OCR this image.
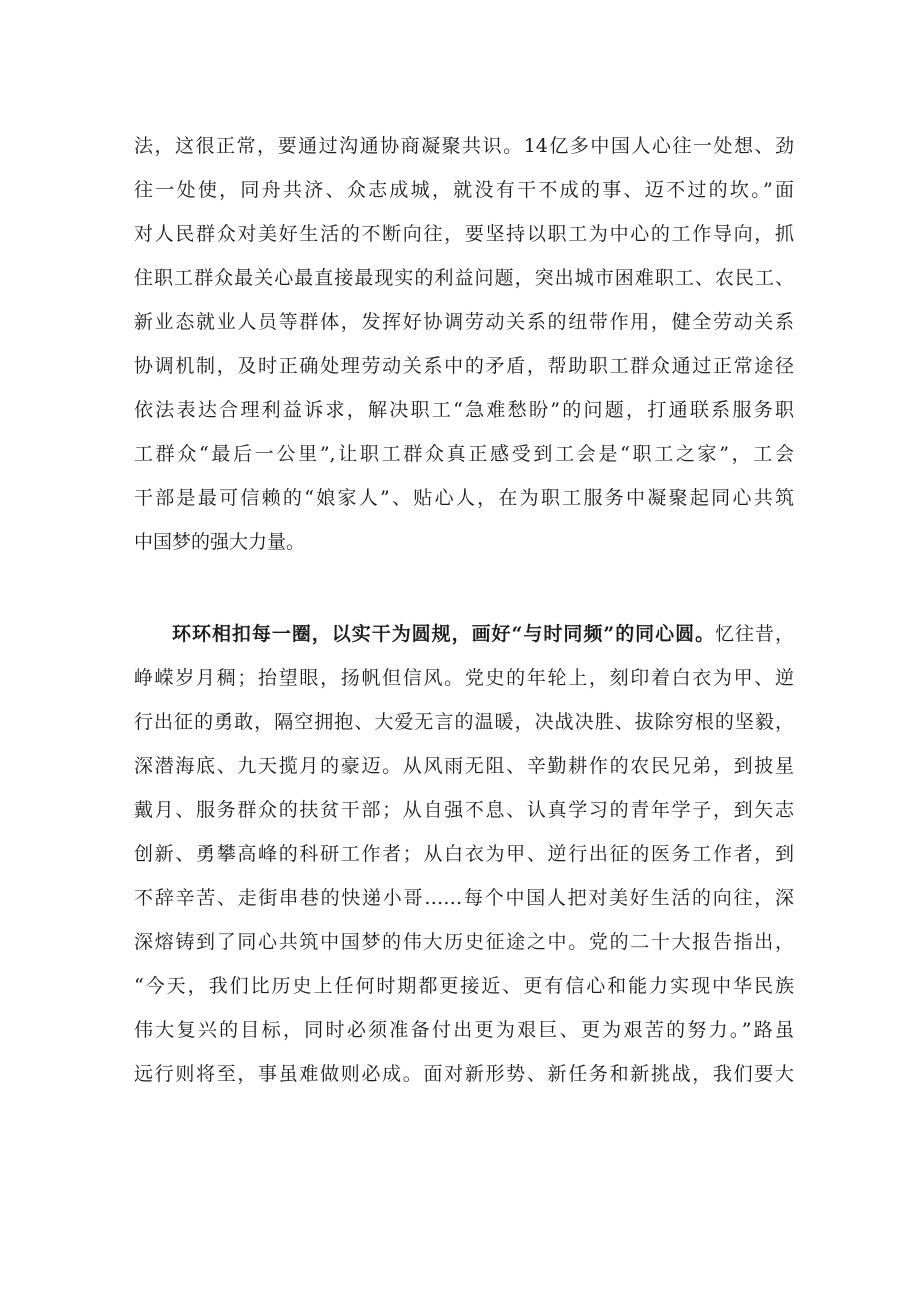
法，这很正常，要通过沟通协商凝聚共识。14亿多中国人心往一处想、劲
往一处使，同舟共济、众志成城，就没有干不成的事、迈不过的坎。”面
对人民群众对美好生活的不断向往，要坚持以职工为中心的工作导向，抓
住职工群众最关心最直接最现实的利益问题，突出城市困难职工、农民工、
新业态就业人员等群体，发挥好协调劳动关系的纽带作用，健全劳动关系
协调机制，及时正确处理劳动关系中的矛盾，帮助职工群众通过正常途径
依法表达合理利益诉求，解决职工“急难愁盼”的问题，打通联系服务职
工群众“最后一公里”,让职工群众真正感受到工会是“职工之家”，工会
干部是最可信赖的“娘家人”、贴心人，在为职工服务中凝聚起同心共筑
中国梦的强大力量。
环环相扣每一圈，以实干为圆规，画好“与时同频”的同心圆。忆往昔，
峥嵘岁月稠；抬望眼，扬帆但信风。党史的年轮上，刻印着白衣为甲、逆
行出征的勇敢，隔空拥抱、大爱无言的温暖，决战决胜、拔除穷根的坚毅，
深潜海底、九天揽月的豪迈。从风雨无阻、辛勤耕作的农民兄弟，到披星
戴月、服务群众的扶贫干部；从自强不息、认真学习的青年学子，到矢志
创新、勇攀高峰的科研工作者；从白衣为甲、逆行出征的医务工作者，到
不辞辛苦、走街串巷的快递小哥……每个中国人把对美好生活的向往，深
深熔铸到了同心共筑中国梦的伟大历史征途之中。党的二十大报告指出，
“今天，我们比历史上任何时期都更接近、更有信心和能力实现中华民族
伟大复兴的目标，同时必须准备付出更为艰巨、更为艰苦的努力。”路虽
远行则将至，事虽难做则必成。面对新形势、新任务和新挑战，我们要大
